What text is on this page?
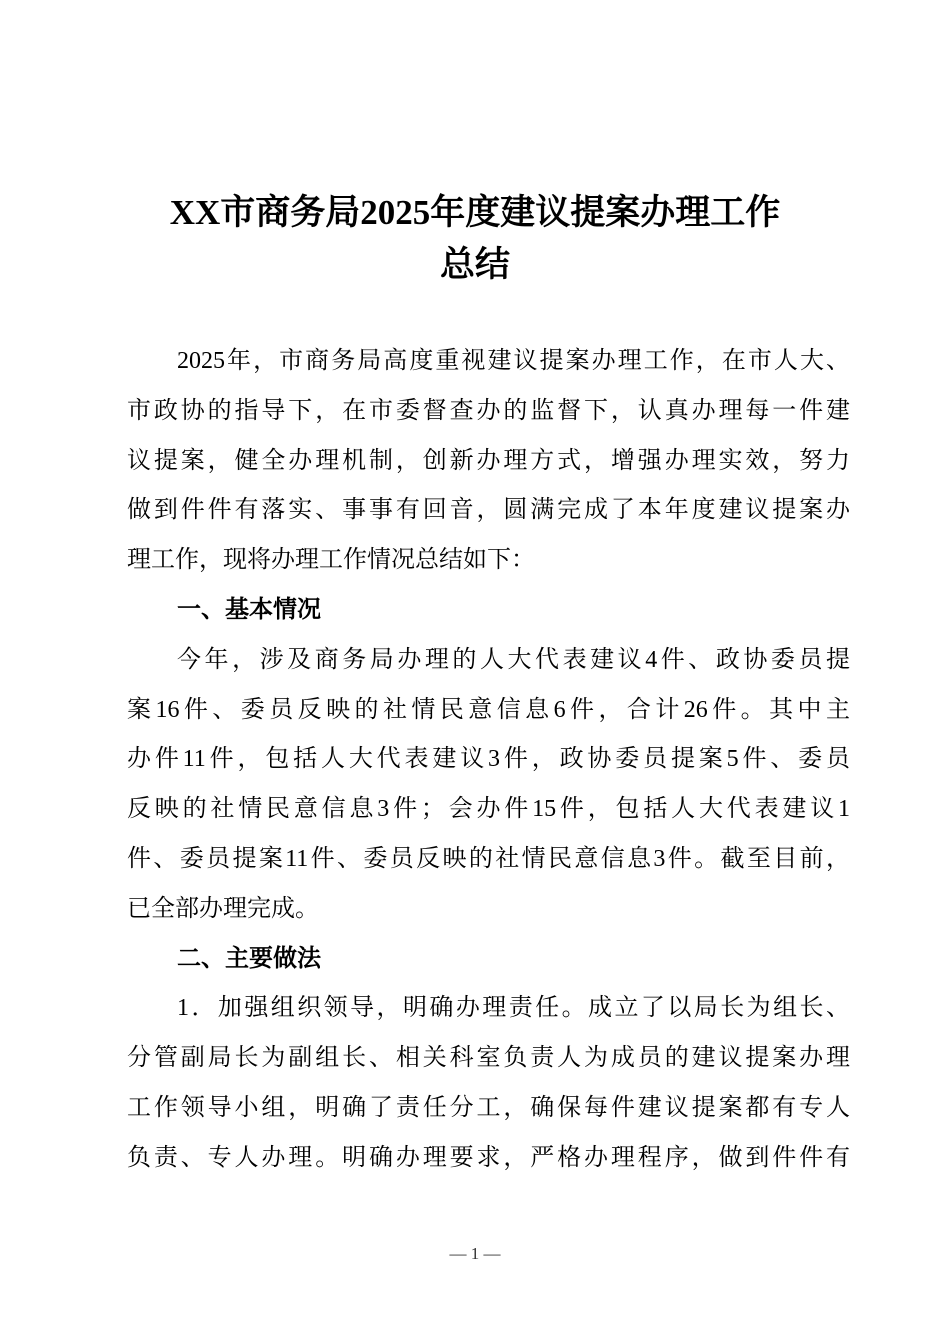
XX市商务局2025年度建议提案办理工作
总结
2025年，市商务局高度重视建议提案办理工作，在市人大、
市政协的指导下，在市委督查办的监督下，认真办理每一件建
议提案，健全办理机制，创新办理方式，增强办理实效，努力
做到件件有落实、事事有回音，圆满完成了本年度建议提案办
理工作，现将办理工作情况总结如下：
一、基本情况
今年，涉及商务局办理的人大代表建议4件、政协委员提
案16件、委员反映的社情民意信息6件，合计26件。其中主
办件11件，包括人大代表建议3件，政协委员提案5件、委员
反映的社情民意信息3件；会办件15件，包括人大代表建议1
件、委员提案11件、委员反映的社情民意信息3件。截至目前，
已全部办理完成。
二、主要做法
1．加强组织领导，明确办理责任。成立了以局长为组长、
分管副局长为副组长、相关科室负责人为成员的建议提案办理
工作领导小组，明确了责任分工，确保每件建议提案都有专人
负责、专人办理。明确办理要求，严格办理程序，做到件件有
— 1 —
